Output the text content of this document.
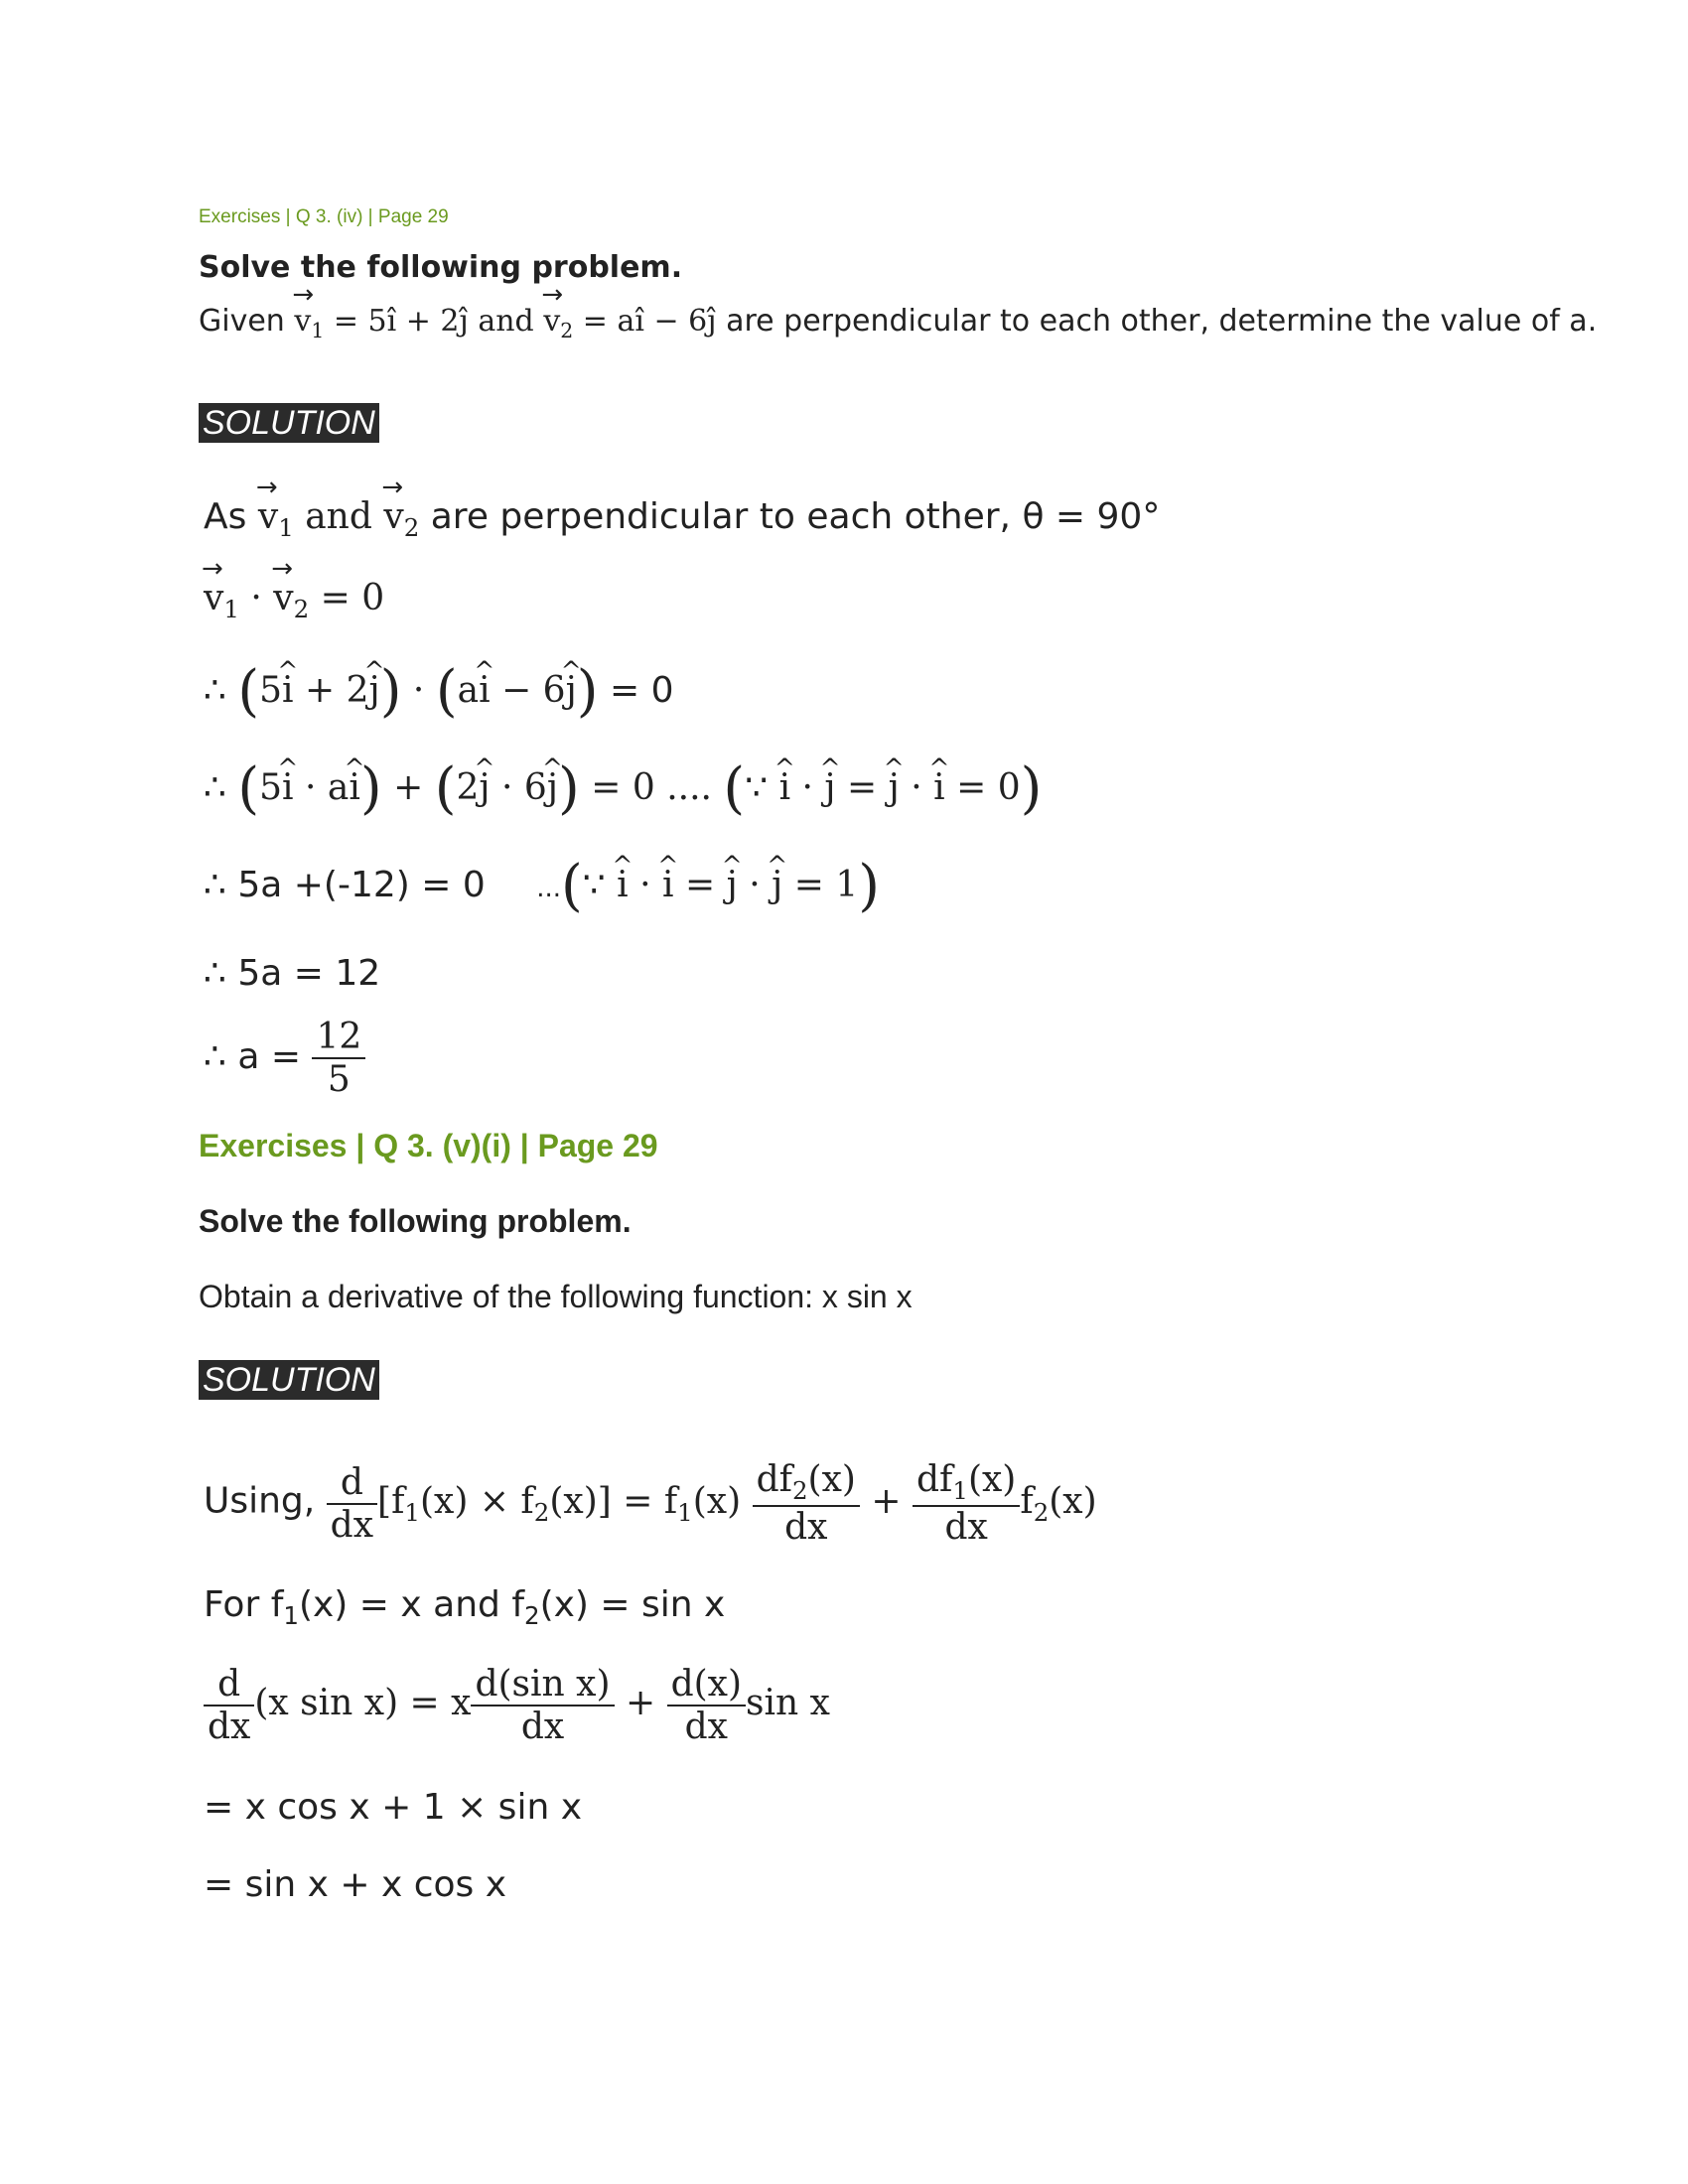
Exercises | Q 3. (iv) | Page 29
Solve the following problem.
Given
→
$v_1$ = 5î + 2ĵ and
→
$v_2$ = aî − 6ĵ are perpendicular to each other, determine the value of a.
SOLUTION
As
→
$v_1$ and
→
$v_2$ are perpendicular to each other, θ = 90°
→
$v_1$ ·
→
$v_2 = 0$
∴ (5i ^ + 2j ^) · (ai ^ − 6j ^) = 0
∴ (5i ^ · ai ^) + (2j ^ · 6j ^) = 0 .... (∵ i ^ · j ^ = j ^ · i ^ = 0)
∴ 5a +(-12) = 0 ...(∵ i ^ · i ^ = j ^ · j ^ = 1)
∴ 5a = 12
∴ $a = \frac{12}{5}$
Exercises | Q 3. (v)(i) | Page 29
Solve the following problem.
Obtain a derivative of the following function: x sin x
SOLUTION
Using, $\frac{d}{dx} [f_1(x) \times f_2(x)] = f_1(x) \frac{df_2(x)}{dx} + \frac{df_1(x)}{dx} f_2(x)$
For $f_1(x) = x$ and $f_2(x) = \sin x$
$\frac{d}{dx} (x$ sin x) = x $\frac{\text{d(sin x)}}{dx} + \frac{d(x)}{dx}$ sin x
= x cos x + 1 × sin x
= sin x + x cos x
